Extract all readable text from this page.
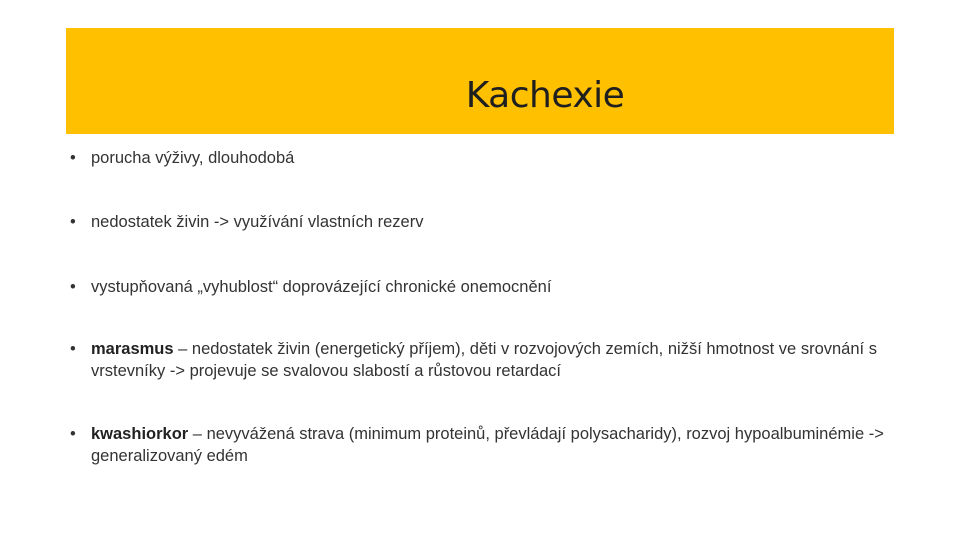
Kachexie
• porucha výživy, dlouhodobá
• nedostatek živin -> využívání vlastních rezerv
• vystupňovaná „vyhublost“ doprovázející chronické onemocnění
• marasmus – nedostatek živin (energetický příjem), děti v rozvojových zemích, nižší hmotnost ve srovnání s vrstevníky -> projevuje se svalovou slabostí a růstovou retardací
• kwashiorkor – nevyvážená strava (minimum proteinů, převládají polysacharidy), rozvoj hypoalbuminémie -> generalizovaný edém
